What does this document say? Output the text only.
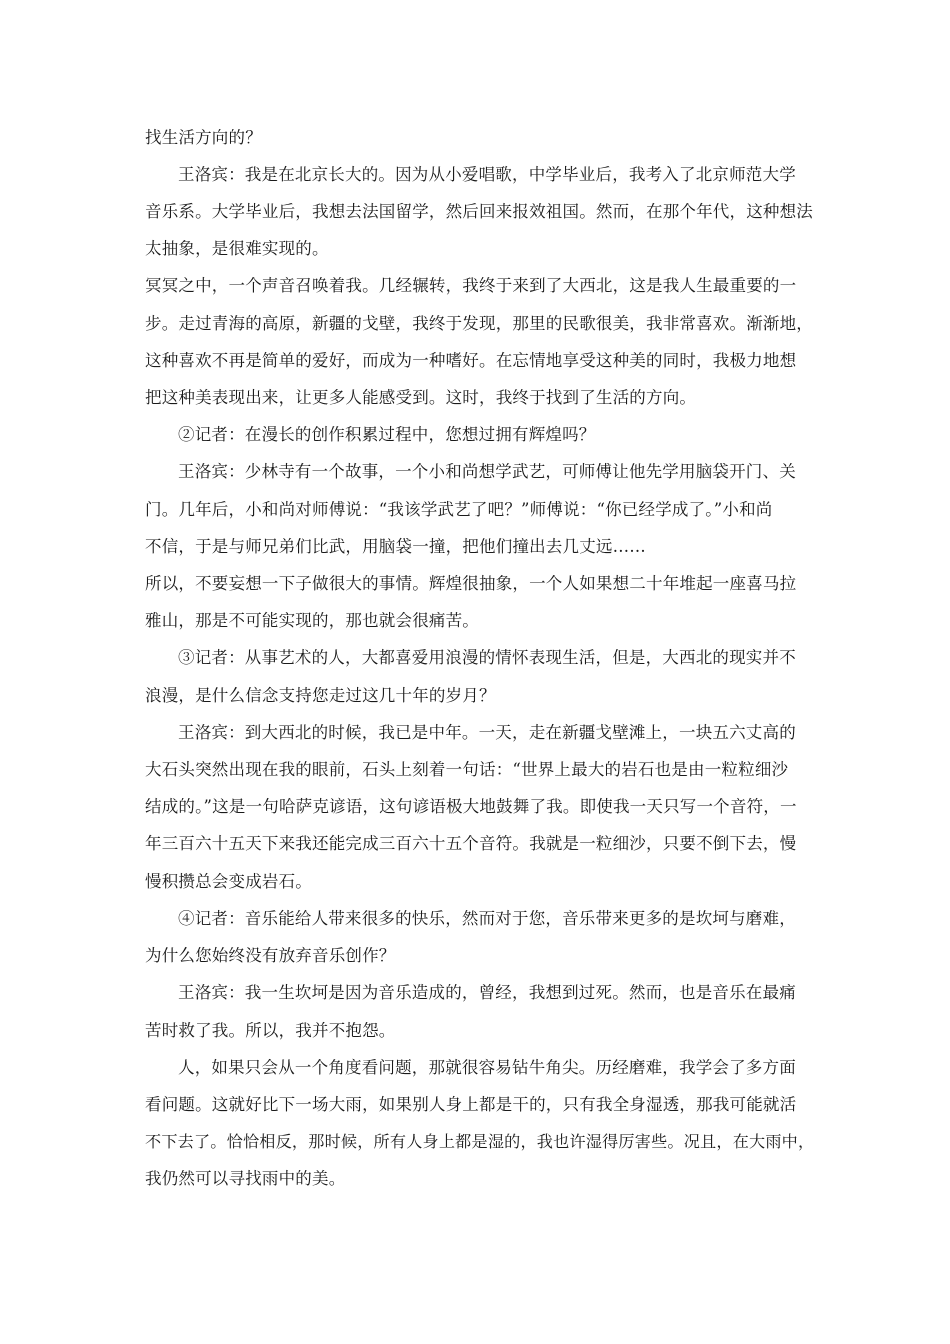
找生活方向的？
王洛宾：我是在北京长大的。因为从小爱唱歌，中学毕业后，我考入了北京师范大学
音乐系。大学毕业后，我想去法国留学，然后回来报效祖国。然而，在那个年代，这种想法
太抽象，是很难实现的。
冥冥之中，一个声音召唤着我。几经辗转，我终于来到了大西北，这是我人生最重要的一
步。走过青海的高原，新疆的戈壁，我终于发现，那里的民歌很美，我非常喜欢。渐渐地，
这种喜欢不再是简单的爱好，而成为一种嗜好。在忘情地享受这种美的同时，我极力地想
把这种美表现出来，让更多人能感受到。这时，我终于找到了生活的方向。
②记者：在漫长的创作积累过程中，您想过拥有辉煌吗？
王洛宾：少林寺有一个故事，一个小和尚想学武艺，可师傅让他先学用脑袋开门、关
门。几年后，小和尚对师傅说：“我该学武艺了吧？”师傅说：“你已经学成了。”小和尚
不信，于是与师兄弟们比武，用脑袋一撞，把他们撞出去几丈远……
所以，不要妄想一下子做很大的事情。辉煌很抽象，一个人如果想二十年堆起一座喜马拉
雅山，那是不可能实现的，那也就会很痛苦。
③记者：从事艺术的人，大都喜爱用浪漫的情怀表现生活，但是，大西北的现实并不
浪漫，是什么信念支持您走过这几十年的岁月？
王洛宾：到大西北的时候，我已是中年。一天，走在新疆戈壁滩上，一块五六丈高的
大石头突然出现在我的眼前，石头上刻着一句话：“世界上最大的岩石也是由一粒粒细沙
结成的。”这是一句哈萨克谚语，这句谚语极大地鼓舞了我。即使我一天只写一个音符，一
年三百六十五天下来我还能完成三百六十五个音符。我就是一粒细沙，只要不倒下去，慢
慢积攒总会变成岩石。
④记者：音乐能给人带来很多的快乐，然而对于您，音乐带来更多的是坎坷与磨难，
为什么您始终没有放弃音乐创作？
王洛宾：我一生坎坷是因为音乐造成的，曾经，我想到过死。然而，也是音乐在最痛
苦时救了我。所以，我并不抱怨。
人，如果只会从一个角度看问题，那就很容易钻牛角尖。历经磨难，我学会了多方面
看问题。这就好比下一场大雨，如果别人身上都是干的，只有我全身湿透，那我可能就活
不下去了。恰恰相反，那时候，所有人身上都是湿的，我也许湿得厉害些。况且，在大雨中，
我仍然可以寻找雨中的美。
